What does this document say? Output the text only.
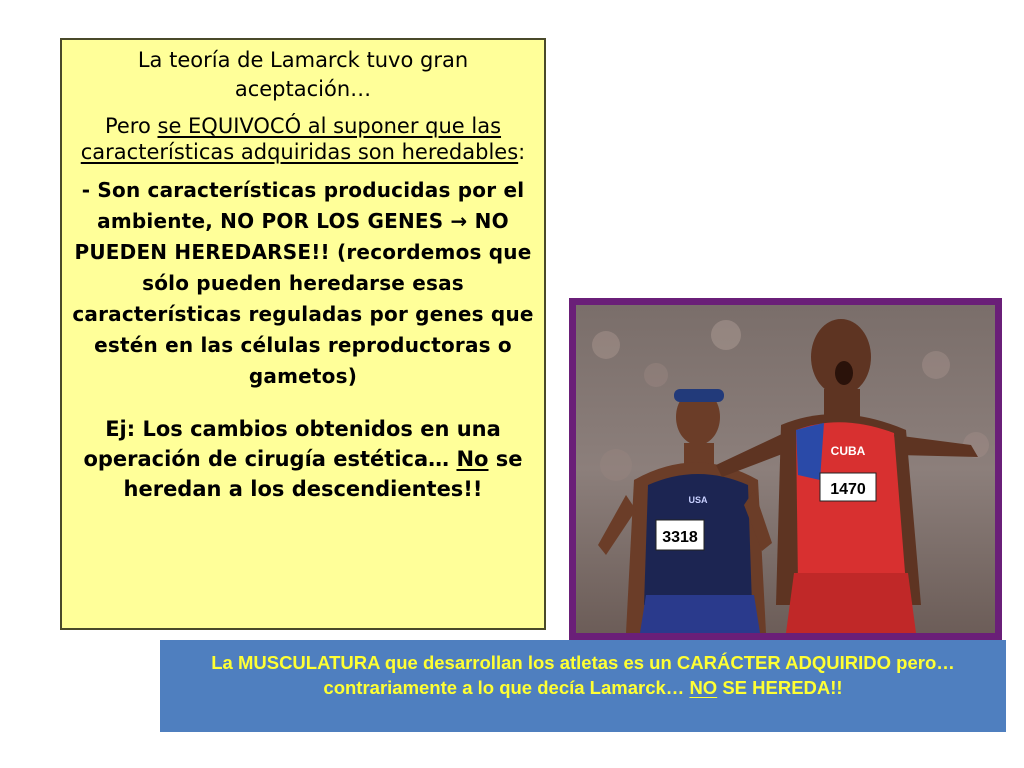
La teoría de Lamarck tuvo gran aceptación…

Pero se EQUIVOCÓ al suponer que las características adquiridas son heredables:

- Son características producidas por el ambiente, NO POR LOS GENES → NO PUEDEN HEREDARSE!! (recordemos que sólo pueden heredarse esas características reguladas por genes que estén en las células reproductoras o gametos)

Ej: Los cambios obtenidos en una operación de cirugía estética… No se heredan a los descendientes!!

3318
USA
CUBA
1470
La MUSCULATURA que desarrollan los atletas es un CARÁCTER ADQUIRIDO pero… contrariamente a lo que decía Lamarck… NO SE HEREDA!!
